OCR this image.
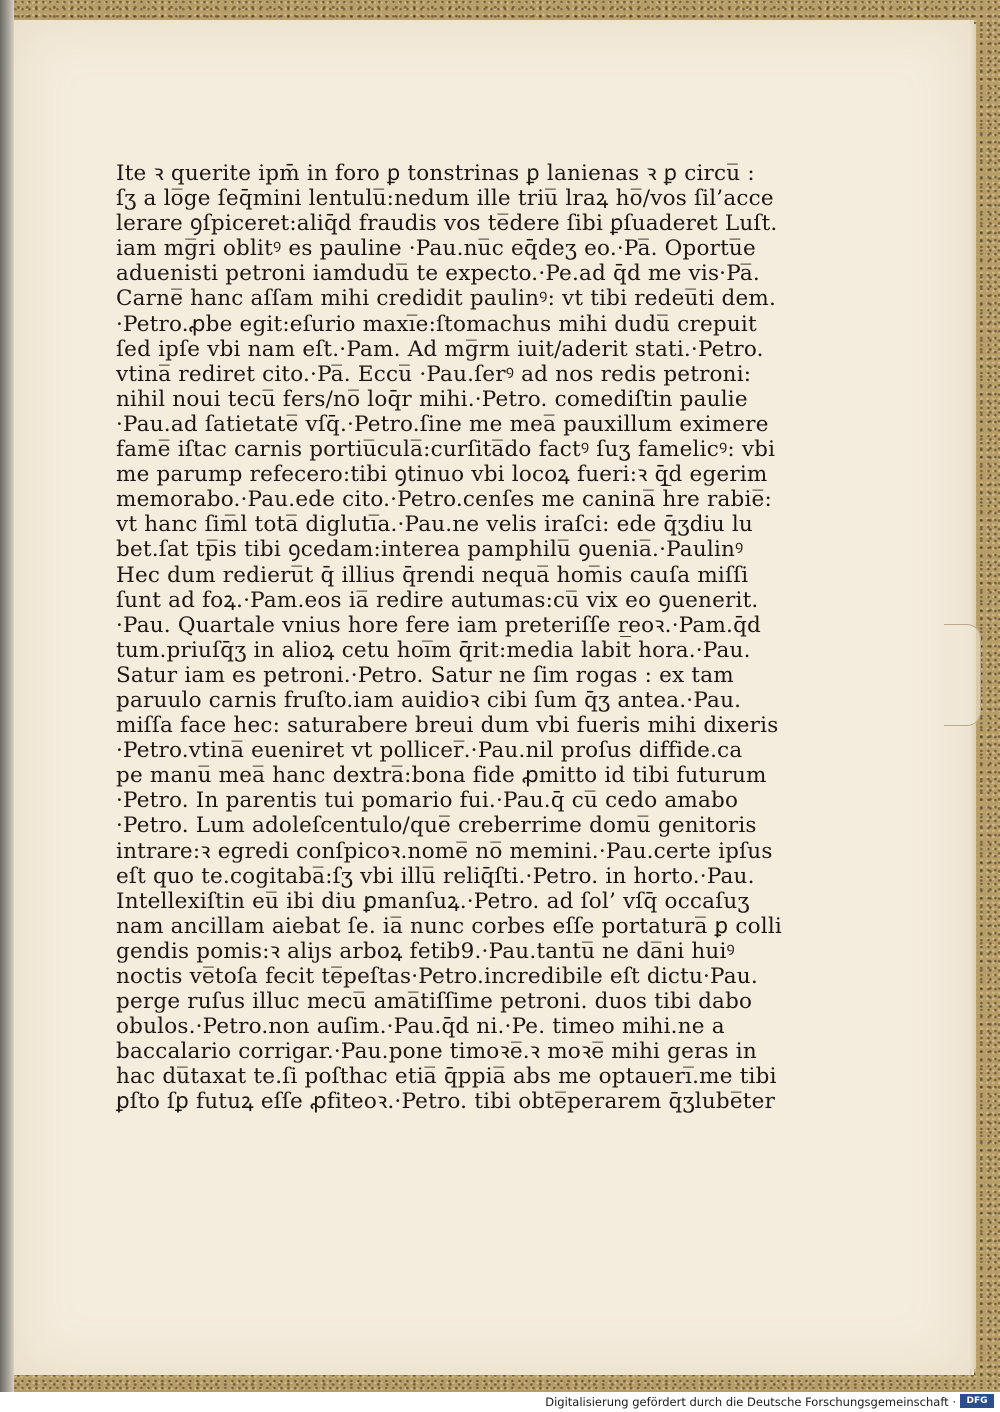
Ite ꝛ querite ipm̄ in foro ꝑ tonstrinas ꝑ lanienas ꝛ ꝑ circu̅ :
ſʒ a lo̅ge ſeq̄mini lentulu̅:nedum ille triu̅ lraꝝ ho̅/vos ſil’acce
lerare ꝯſpiceret:aliq̄d fraudis vos te̅dere ſibi ꝑſuaderet Luſt.
iam mg̅ri oblitꝰ es pauline ·Pau.nu̅c eq̄deʒ eo.·Pa̅. Oportu̅e
aduenisti petroni iamdudu̅ te expecto.·Pe.ad q̄d me vis·Pa̅.
Carne̅ hanc aſſam mihi credidit paulinꝰ: vt tibi redeu̅ti dem.
·Petro.ꝓbe egit:eſurio maxi̅e:ſtomachus mihi dudu̅ crepuit
ſed ipſe vbi nam eſt.·Pam. Ad mg̅rm iuit/aderit stati.·Petro.
vtina̅ rediret cito.·Pa̅. Eccu̅ ·Pau.ſerꝰ ad nos redis petroni:
nihil noui tecu̅ fers/no̅ loq̄r mihi.·Petro. comediſtin paulie
·Pau.ad ſatietate̅ vſq̄.·Petro.ſine me mea̅ pauxillum eximere
fame̅ iſtac carnis portiu̅cula̅:curſita̅do factꝰ ſuʒ famelicꝰ: vbi
me parump refecero:tibi ꝯtinuo vbi locoꝝ fueri:ꝛ q̄d egerim
memorabo.·Pau.ede cito.·Petro.cenſes me canina̅ h̅re rabie̅:
vt hanc ſim̅l tota̅ digluti̅a.·Pau.ne velis iraſci: ede q̄ʒdiu lu
bet.ſat tp̅is tibi ꝯcedam:interea pamphilu̅ ꝯuenia̅.·Paulinꝰ
Hec dum redieru̅t q̄ illius q̄rendi nequa̅ hom̅is cauſa miſſi
ſunt ad foꝝ.·Pam.eos ia̅ redire autumas:cu̅ vix eo ꝯuenerit.
·Pau. Quartale vnius hore fere iam preteriſſe reoꝛ.·Pam.q̄d
tum.priuſq̄ʒ in alioꝝ cetu hoi̅m q̄rit:media labit̅ hora.·Pau.
Satur iam es petroni.·Petro. Satur ne ſim rogas : ex tam
paruulo carnis fruſto.iam auidioꝛ cibi ſum q̄ʒ antea.·Pau.
miſſa face hec: saturabere breui dum vbi fueris mihi dixeris
·Petro.vtina̅ eueniret vt pollicer̅.·Pau.nil proſus diffide.ca
pe manu̅ mea̅ hanc dextra̅:bona fide ꝓmitto id tibi futurum
·Petro. In parentis tui pomario fui.·Pau.q̄ cu̅ cedo amabo
·Petro. Lum adoleſcentulo/que̅ creberrime domu̅ genitoris
intrare:ꝛ egredi conſpicoꝛ.nome̅ no̅ memini.·Pau.certe ipſus
eſt quo te.cogitaba̅:ſʒ vbi illu̅ reliq̄ſti.·Petro. in horto.·Pau.
Intellexiſtin eu̅ ibi diu ꝑmanſuꝝ.·Petro. ad ſol’ vſq̄ occaſuʒ
nam ancillam aiebat ſe. ia̅ nunc corbes eſſe portatura̅ ꝑ colli
gendis pomis:ꝛ aliȷs arboꝝ fetib9.·Pau.tantu̅ ne da̅ni huiꝰ
noctis ve̅toſa fecit te̅peſtas·Petro.incredibile eſt dictu·Pau.
perge ruſus illuc mecu̅ ama̅tiſſime petroni. duos tibi dabo
obulos.·Petro.non auſim.·Pau.q̄d ni.·Pe. timeo mihi.ne a
baccalario corrigar.·Pau.pone timoꝛe̅.ꝛ moꝛe̅ mihi geras in
hac du̅taxat te.ſi poſthac etia̅ q̄ppia̅ abs me optaueri̅.me tibi
ꝑſto ſꝑ futuꝝ eſſe ꝓfiteoꝛ.·Petro. tibi obte̅perarem q̄ʒlube̅ter
Digitalisierung gefördert durch die Deutsche Forschungsgemeinschaft ·	DFG
